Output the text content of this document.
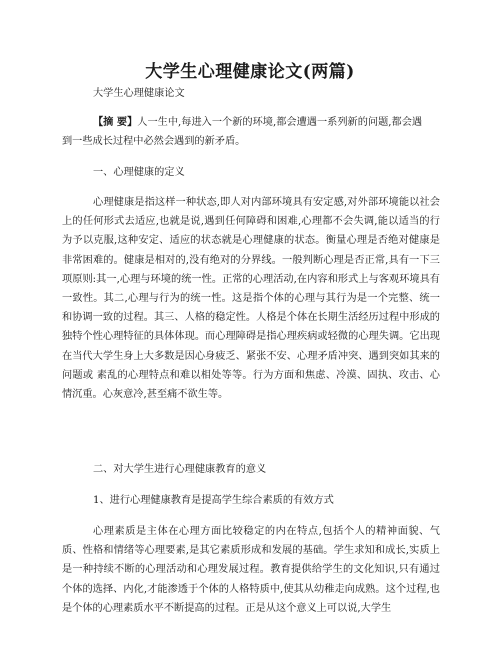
大学生心理健康论文(两篇)
大学生心理健康论文
【摘 要】人一生中,每进入一个新的环境,都会遭遇一系列新的问题,都会遇
到一些成长过程中必然会遇到的新矛盾。
一、心理健康的定义

心理健康是指这样一种状态,即人对内部环境具有安定感,对外部环境能以社会上的任何形式去适应,也就是说,遇到任何障碍和困难,心理都不会失调,能以适当的行为予以克服,这种安定、适应的状态就是心理健康的状态。衡量心理是否绝对健康是非常困难的。健康是相对的,没有绝对的分界线。一般判断心理是否正常,具有一下三项原则:其一,心理与环境的统一性。正常的心理活动,在内容和形式上与客观环境具有一致性。其二,心理与行为的统一性。这是指个体的心理与其行为是一个完整、统一和协调一致的过程。其三、人格的稳定性。人格是个体在长期生活经历过程中形成的独特个性心理特征的具体体现。而心理障碍是指心理疾病或轻微的心理失调。它出现在当代大学生身上大多数是因心身疲乏、紧张不安、心理矛盾冲突、遇到突如其来的问题或 素乱的心理特点和难以相处等等。行为方面和焦虑、冷漠、固执、攻击、心情沉重。心灰意冷,甚至痛不欲生等。

二、对大学生进行心理健康教育的意义
1、进行心理健康教育是提高学生综合素质的有效方式

心理素质是主体在心理方面比较稳定的内在特点,包括个人的精神面貌、气质、性格和情绪等心理要素,是其它素质形成和发展的基础。学生求知和成长,实质上是一种持续不断的心理活动和心理发展过程。教育提供给学生的文化知识,只有通过个体的选择、内化,才能渗透于个体的人格特质中,使其从幼稚走向成熟。这个过程,也是个体的心理素质水平不断提高的过程。正是从这个意义上可以说,大学生
